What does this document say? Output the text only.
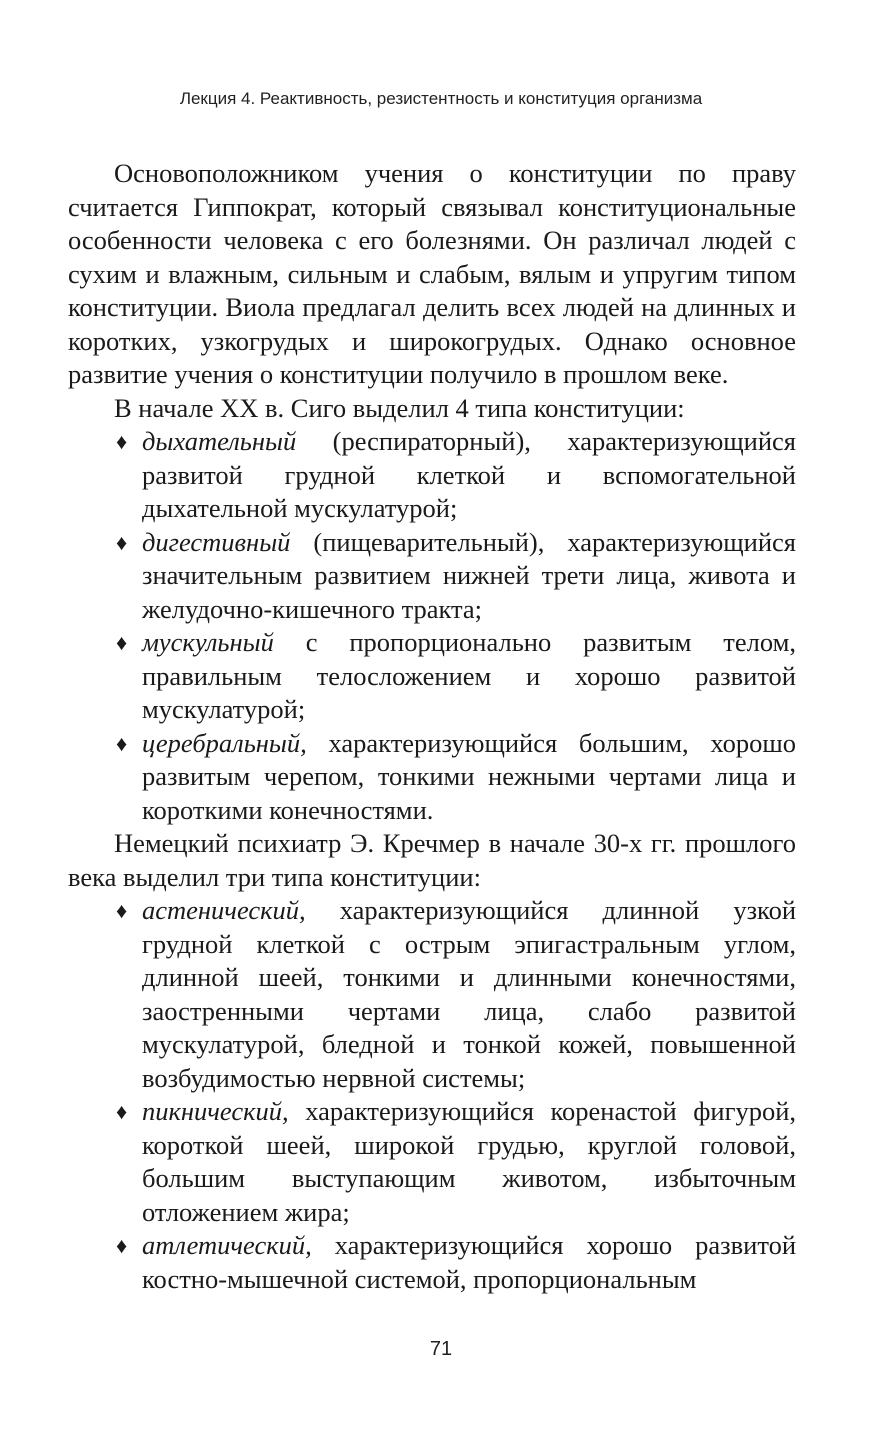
Лекция 4. Реактивность, резистентность и конституция организма

Основоположником учения о конституции по праву считается Гиппократ, который связывал конституциональные особенности человека с его болезнями. Он различал людей с сухим и влажным, сильным и слабым, вялым и упругим типом конституции. Виола предлагал делить всех людей на длинных и коротких, узкогрудых и широкогрудых. Однако основное развитие учения о конституции получило в прошлом веке.

В начале XX в. Сиго выделил 4 типа конституции:

♦ дыхательный (респираторный), характеризующийся развитой грудной клеткой и вспомогательной дыхательной мускулатурой;
♦ дигестивный (пищеварительный), характеризующийся значительным развитием нижней трети лица, живота и желудочно-кишечного тракта;
♦ мускульный с пропорционально развитым телом, правильным телосложением и хорошо развитой мускулатурой;
♦ церебральный, характеризующийся большим, хорошо развитым черепом, тонкими нежными чертами лица и короткими конечностями.

Немецкий психиатр Э. Кречмер в начале 30-х гг. прошлого века выделил три типа конституции:

♦ астенический, характеризующийся длинной узкой грудной клеткой с острым эпигастральным углом, длинной шеей, тонкими и длинными конечностями, заостренными чертами лица, слабо развитой мускулатурой, бледной и тонкой кожей, повышенной возбудимостью нервной системы;
♦ пикнический, характеризующийся коренастой фигурой, короткой шеей, широкой грудью, круглой головой, большим выступающим животом, избыточным отложением жира;
♦ атлетический, характеризующийся хорошо развитой костно-мышечной системой, пропорциональным
71
